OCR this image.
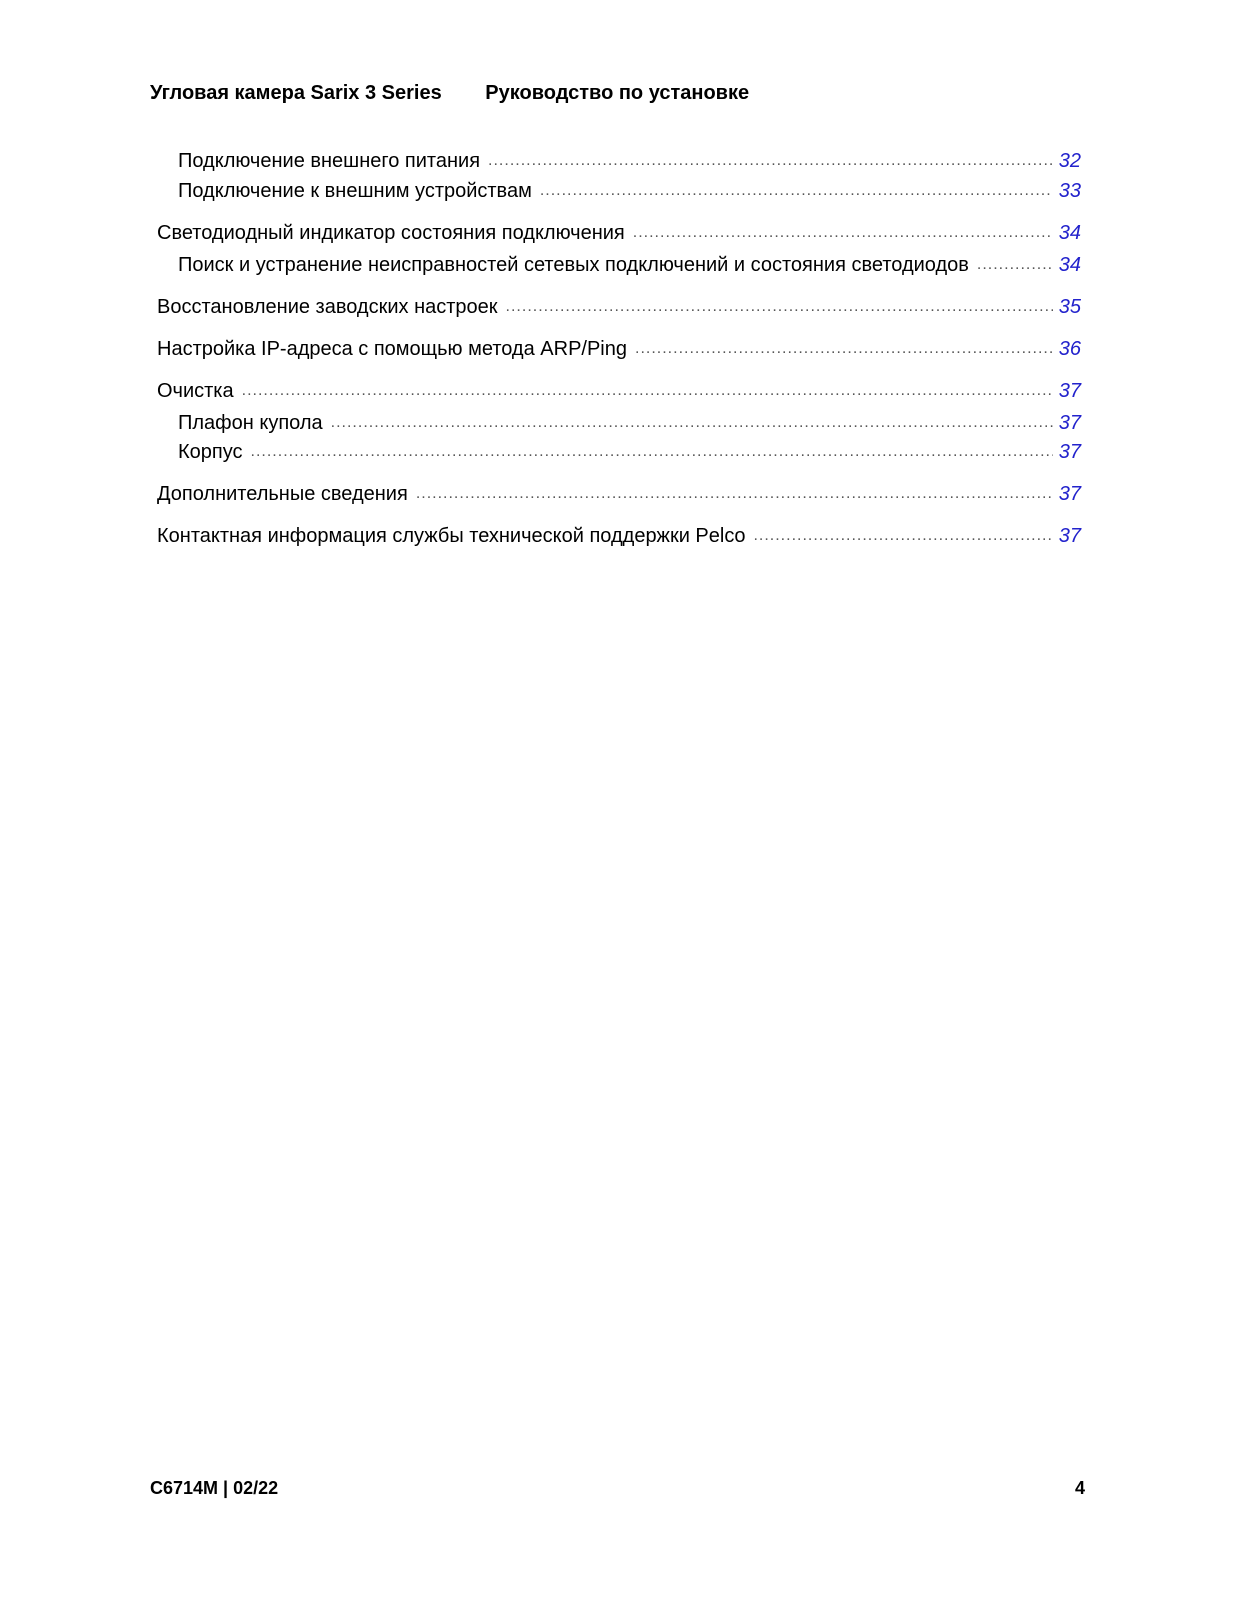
Угловая камера Sarix 3 Series Руководство по установке
Подключение внешнего питания .....	32
Подключение к внешним устройствам .....	33
Светодиодный индикатор состояния подключения .....	34
Поиск и устранение неисправностей сетевых подключений и состояния светодиодов .....	34
Восстановление заводских настроек .....	35
Настройка IP-адреса с помощью метода ARP/Ping .....	36
Очистка .....	37
Плафон купола .....	37
Корпус .....	37
Дополнительные сведения .....	37
Контактная информация службы технической поддержки Pelco .....	37
C6714M | 02/22	4
